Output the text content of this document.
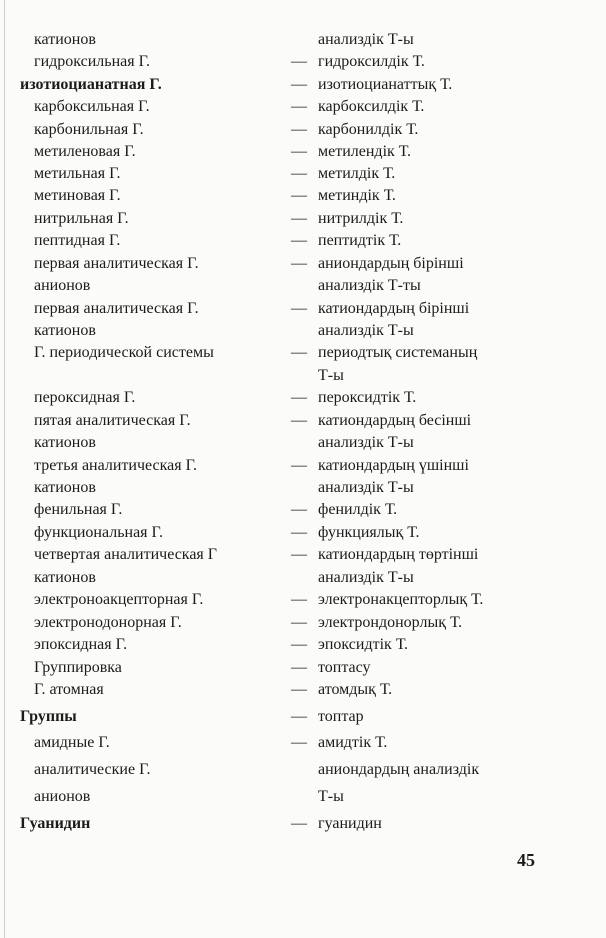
катионов	анализдік Т-ы
гидроксильная Г.	— гидроксилдік Т.
изотиоцианатная Г.	— изотиоцианаттық Т.
карбоксильная Г.	— карбоксилдік Т.
карбонильная Г.	— карбонилдік Т.
метиленовая Г.	— метилендік Т.
метильная Г.	— метилдік Т.
метиновая Г.	— метиндік Т.
нитрильная Г.	— нитрилдік Т.
пептидная Г.	— пептидтік Т.
первая аналитическая Г.	— аниондардың бірінші
анионов	анализдік Т-ты
первая аналитическая Г.	— катиондардың бірінші
катионов	анализдік Т-ы
Г. периодической системы	— периодтық системаның
Т-ы
пероксидная Г.	— пероксидтік Т.
пятая аналитическая Г.	— катиондардың бесінші
катионов	анализдік Т-ы
третья аналитическая Г.	— катиондардың үшінші
катионов	анализдік Т-ы
фенильная Г.	— фенилдік Т.
функциональная Г.	— функциялық Т.
четвертая аналитическая Г	— катиондардың төртінші
катионов	анализдік Т-ы
электроноакцепторная Г.	— электронакцепторлық Т.
электронодонорная Г.	— электрондонорлық Т.
эпоксидная Г.	— эпоксидтік Т.
Группировка	— топтасу
Г. атомная	— атомдық Т.
Группы	— топтар
амидные Г.	— амидтік Т.
аналитические Г.	аниондардың анализдік
анионов	Т-ы
Гуанидин	— гуанидин
45
